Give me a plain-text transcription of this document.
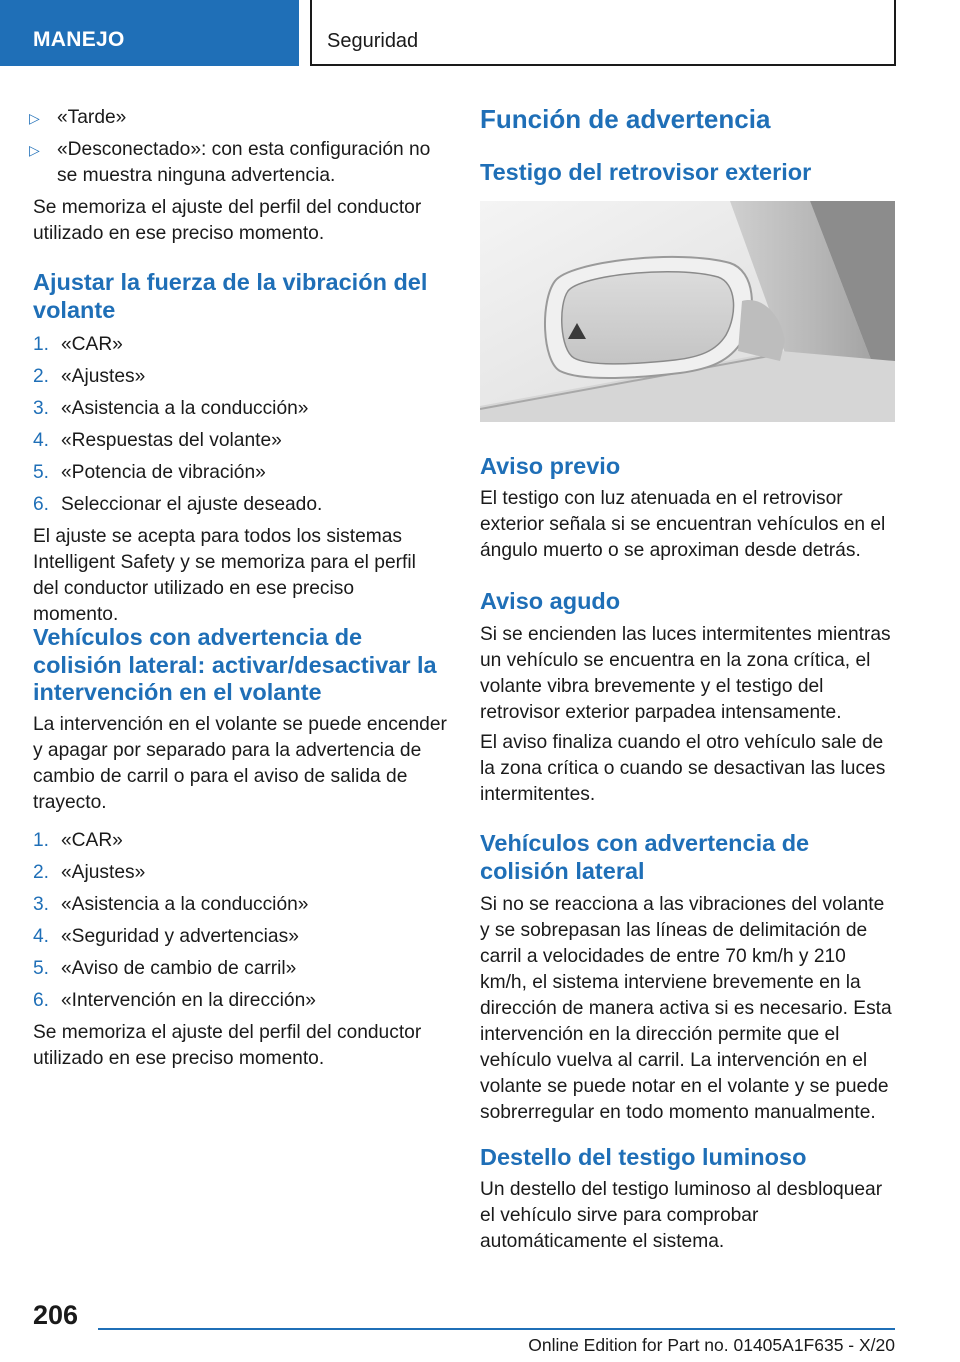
MANEJO	Seguridad
▷ «Tarde»
▷ «Desconectado»: con esta configuración no se muestra ninguna advertencia.
Se memoriza el ajuste del perfil del conductor utilizado en ese preciso momento.
Ajustar la fuerza de la vibración del volante
1. «CAR»
2. «Ajustes»
3. «Asistencia a la conducción»
4. «Respuestas del volante»
5. «Potencia de vibración»
6. Seleccionar el ajuste deseado.
El ajuste se acepta para todos los sistemas Intelligent Safety y se memoriza para el perfil del conductor utilizado en ese preciso momento.
Vehículos con advertencia de colisión lateral: activar/desactivar la intervención en el volante
La intervención en el volante se puede encender y apagar por separado para la advertencia de cambio de carril o para el aviso de salida de trayecto.
1. «CAR»
2. «Ajustes»
3. «Asistencia a la conducción»
4. «Seguridad y advertencias»
5. «Aviso de cambio de carril»
6. «Intervención en la dirección»
Se memoriza el ajuste del perfil del conductor utilizado en ese preciso momento.
Función de advertencia
Testigo del retrovisor exterior
Aviso previo
El testigo con luz atenuada en el retrovisor exterior señala si se encuentran vehículos en el ángulo muerto o se aproximan desde detrás.
Aviso agudo
Si se encienden las luces intermitentes mientras un vehículo se encuentra en la zona crítica, el volante vibra brevemente y el testigo del retrovisor exterior parpadea intensamente.
El aviso finaliza cuando el otro vehículo sale de la zona crítica o cuando se desactivan las luces intermitentes.
Vehículos con advertencia de colisión lateral
Si no se reacciona a las vibraciones del volante y se sobrepasan las líneas de delimitación de carril a velocidades de entre 70 km/h y 210 km/h, el sistema interviene brevemente en la dirección de manera activa si es necesario. Esta intervención en la dirección permite que el vehículo vuelva al carril. La intervención en el volante se puede notar en el volante y se puede sobrerregular en todo momento manualmente.
Destello del testigo luminoso
Un destello del testigo luminoso al desbloquear el vehículo sirve para comprobar automáticamente el sistema.
206
Online Edition for Part no. 01405A1F635 - X/20
